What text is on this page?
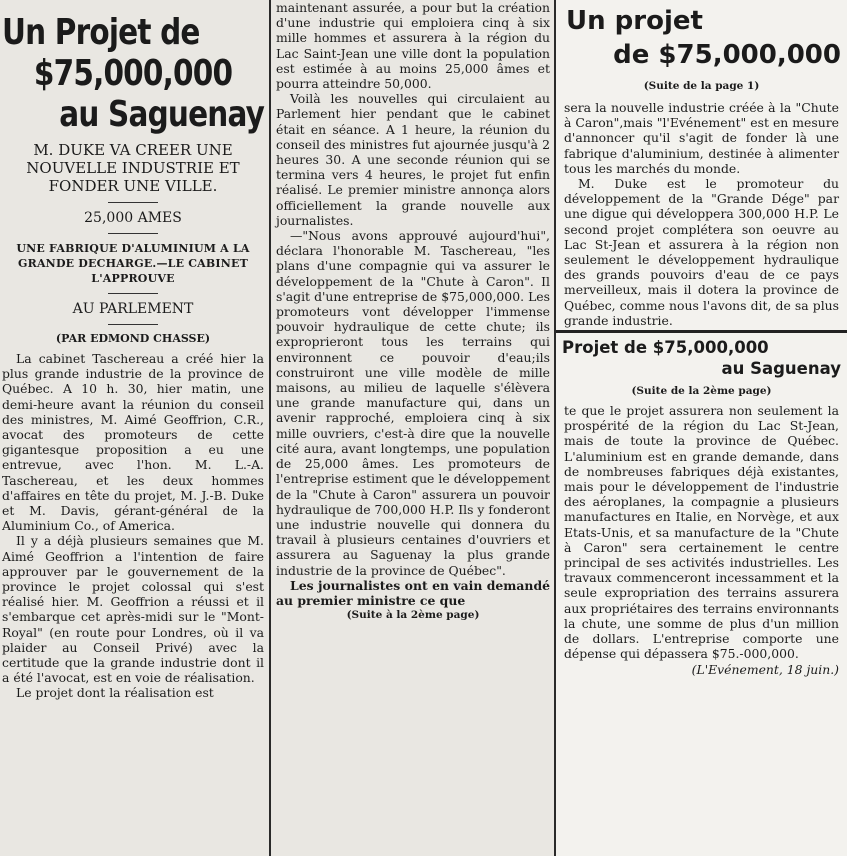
Un Projet de
$75,000,000
au Saguenay

M. DUKE VA CREER UNE NOUVELLE INDUSTRIE ET FONDER UNE VILLE.

25,000 AMES

UNE FABRIQUE D'ALUMINIUM A LA GRANDE DECHARGE.—LE CABINET L'APPROUVE

AU PARLEMENT

(PAR EDMOND CHASSE)

La cabinet Taschereau a créé hier la plus grande industrie de la province de Québec. A 10 h. 30, hier matin, une demi-heure avant la réunion du conseil des ministres, M. Aimé Geoffrion, C.R., avocat des promoteurs de cette gigantesque proposition a eu une entrevue, avec l'hon. M. L.-A. Taschereau, et les deux hommes d'affaires en tête du projet, M. J.-B. Duke et M. Davis, gérant-général de la Aluminium Co., of America.

Il y a déjà plusieurs semaines que M. Aimé Geoffrion a l'intention de faire approuver par le gouvernement de la province le projet colossal qui s'est réalisé hier. M. Geoffrion a réussi et il s'embarque cet après-midi sur le "Mont-Royal" (en route pour Londres, où il va plaider au Conseil Privé) avec la certitude que la grande industrie dont il a été l'avocat, est en voie de réalisation.

Le projet dont la réalisation est

maintenant assurée, a pour but la création d'une industrie qui emploiera cinq à six mille hommes et assurera à la région du Lac Saint-Jean une ville dont la population est estimée à au moins 25,000 âmes et pourra atteindre 50,000.

Voilà les nouvelles qui circulaient au Parlement hier pendant que le cabinet était en séance. A 1 heure, la réunion du conseil des ministres fut ajournée jusqu'à 2 heures 30. A une seconde réunion qui se termina vers 4 heures, le projet fut enfin réalisé. Le premier ministre annonça alors officiellement la grande nouvelle aux journalistes.

—"Nous avons approuvé aujourd'hui", déclara l'honorable M. Taschereau, "les plans d'une compagnie qui va assurer le développement de la "Chute à Caron". Il s'agit d'une entreprise de $75,000,000. Les promoteurs vont développer l'immense pouvoir hydraulique de cette chute; ils exproprieront tous les terrains qui environnent ce pouvoir d'eau;ils construiront une ville modèle de mille maisons, au milieu de laquelle s'élèvera une grande manufacture qui, dans un avenir rapproché, emploiera cinq à six mille ouvriers, c'est-à dire que la nouvelle cité aura, avant longtemps, une population de 25,000 âmes. Les promoteurs de l'entreprise estiment que le développement de la "Chute à Caron" assurera un pouvoir hydraulique de 700,000 H.P. Ils y fonderont une industrie nouvelle qui donnera du travail à plusieurs centaines d'ouvriers et assurera au Saguenay la plus grande industrie de la province de Québec".

Les journalistes ont en vain demandé au premier ministre ce que

(Suite à la 2ème page)

Un projet
de $75,000,000

(Suite de la page 1)

sera la nouvelle industrie créée à la "Chute à Caron",mais "l'Evénement" est en mesure d'annoncer qu'il s'agit de fonder là une fabrique d'aluminium, destinée à alimenter tous les marchés du monde.

M. Duke est le promoteur du développement de la "Grande Dége" par une digue qui développera 300,000 H.P. Le second projet complétera son oeuvre au Lac St-Jean et assurera à la région non seulement le développement hydraulique des grands pouvoirs d'eau de ce pays merveilleux, mais il dotera la province de Québec, comme nous l'avons dit, de sa plus grande industrie.

Projet de $75,000,000
au Saguenay

(Suite de la 2ème page)

te que le projet assurera non seulement la prospérité de la région du Lac St-Jean, mais de toute la province de Québec. L'aluminium est en grande demande, dans de nombreuses fabriques déjà existantes, mais pour le développement de l'industrie des aéroplanes, la compagnie a plusieurs manufactures en Italie, en Norvège, et aux Etats-Unis, et sa manufacture de la "Chute à Caron" sera certainement le centre principal de ses activités industrielles. Les travaux commenceront incessamment et la seule expropriation des terrains assurera aux propriétaires des terrains environnants la chute, une somme de plus d'un million de dollars. L'entreprise comporte une dépense qui dépassera $75.-000,000.

(L'Evénement, 18 juin.)
